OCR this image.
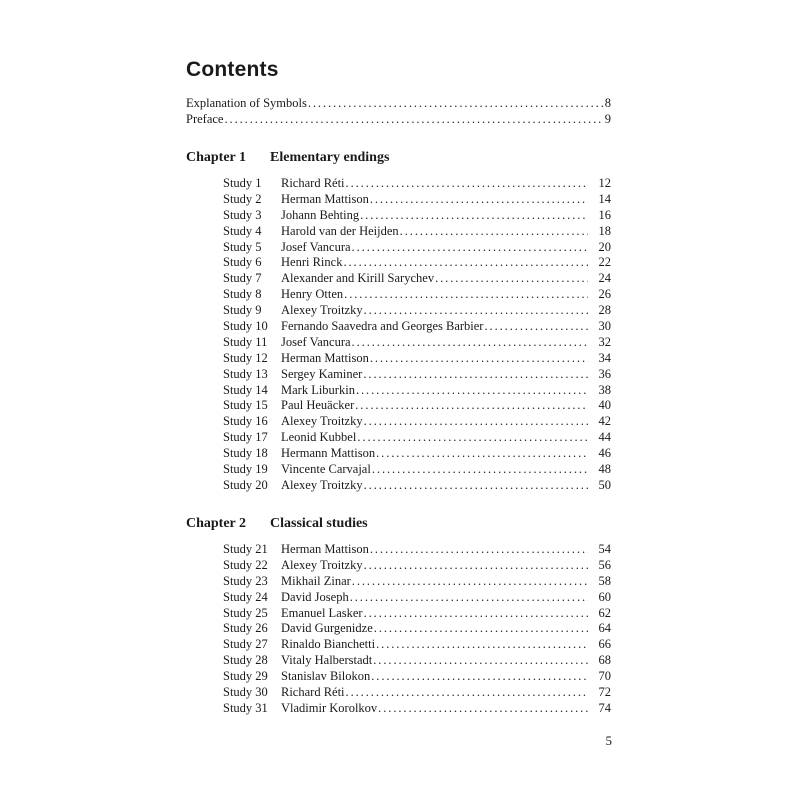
Contents
Explanation of Symbols . . .	8
Preface . . .	9
Chapter 1	Elementary endings
Study 1	Richard Réti . . .	12
Study 2	Herman Mattison . . .	14
Study 3	Johann Behting . . .	16
Study 4	Harold van der Heijden . . .	18
Study 5	Josef Vancura . . .	20
Study 6	Henri Rinck . . .	22
Study 7	Alexander and Kirill Sarychev . . .	24
Study 8	Henry Otten . . .	26
Study 9	Alexey Troitzky . . .	28
Study 10	Fernando Saavedra and Georges Barbier . . .	30
Study 11	Josef Vancura . . .	32
Study 12	Herman Mattison . . .	34
Study 13	Sergey Kaminer . . .	36
Study 14	Mark Liburkin . . .	38
Study 15	Paul Heuäcker . . .	40
Study 16	Alexey Troitzky . . .	42
Study 17	Leonid Kubbel . . .	44
Study 18	Hermann Mattison . . .	46
Study 19	Vincente Carvajal . . .	48
Study 20	Alexey Troitzky . . .	50
Chapter 2	Classical studies
Study 21	Herman Mattison . . .	54
Study 22	Alexey Troitzky . . .	56
Study 23	Mikhail Zinar . . .	58
Study 24	David Joseph . . .	60
Study 25	Emanuel Lasker . . .	62
Study 26	David Gurgenidze . . .	64
Study 27	Rinaldo Bianchetti . . .	66
Study 28	Vitaly Halberstadt . . .	68
Study 29	Stanislav Bilokon . . .	70
Study 30	Richard Réti . . .	72
Study 31	Vladimir Korolkov . . .	74
5
